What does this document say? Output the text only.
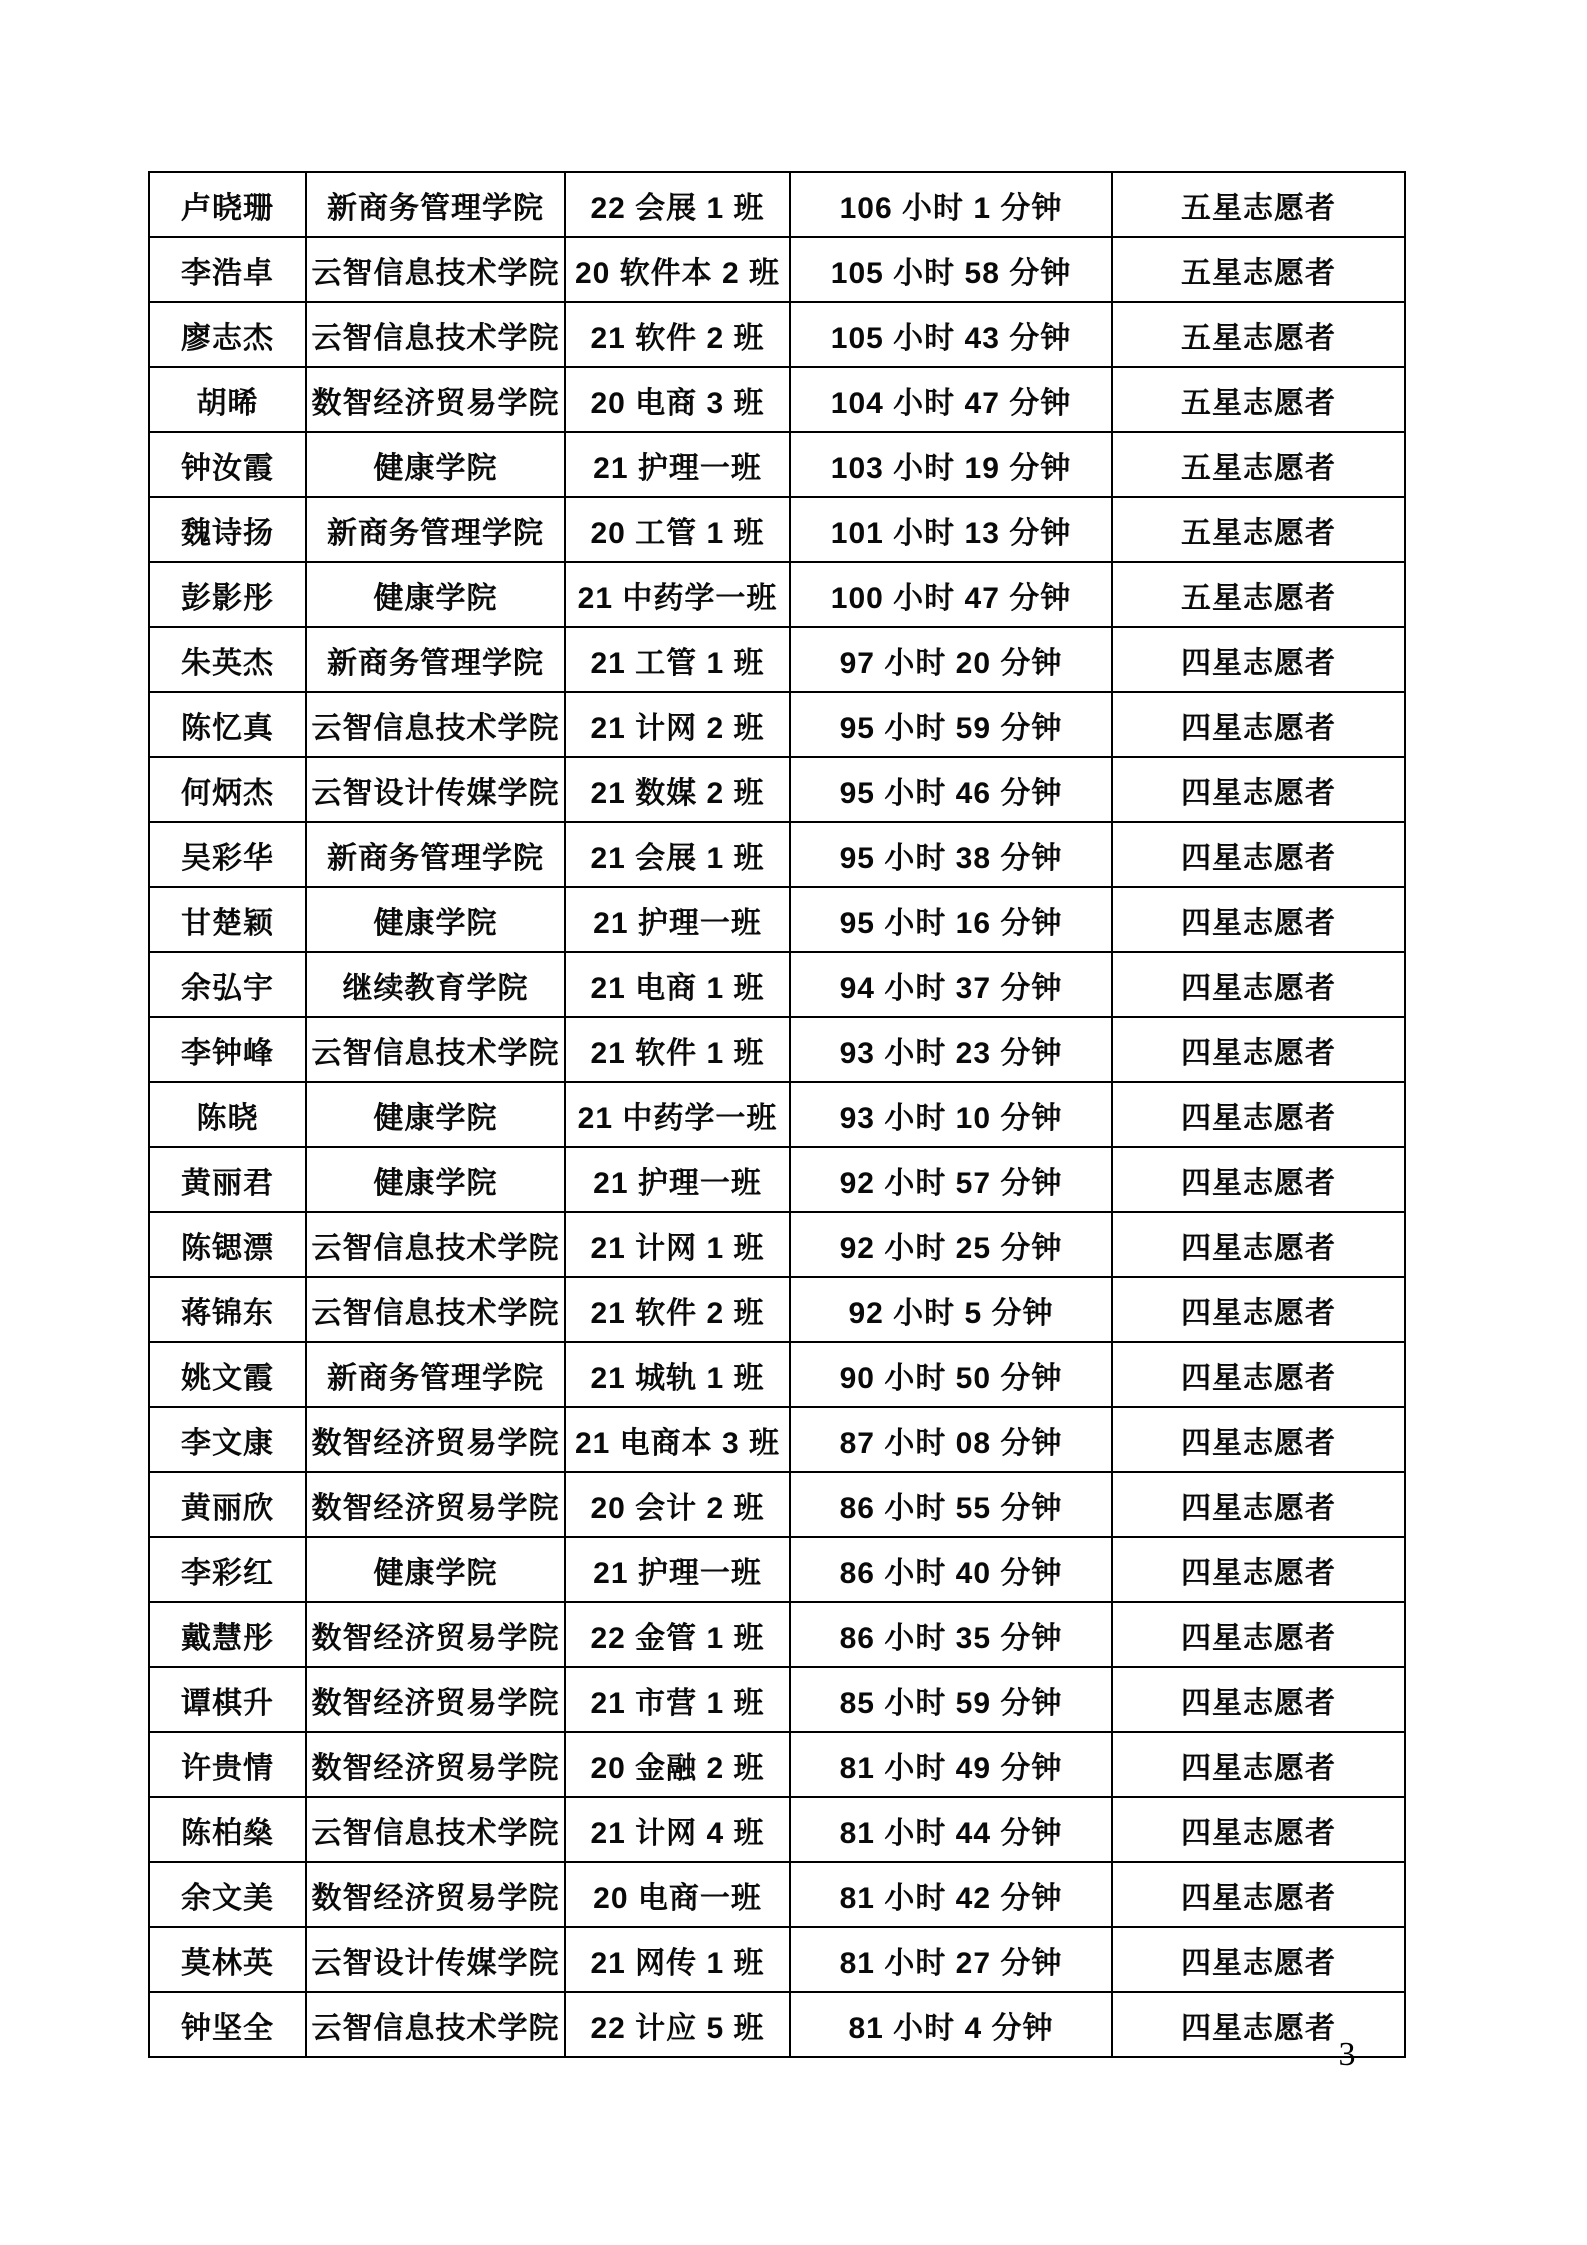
卢晓珊	新商务管理学院	22 会展 1 班	106 小时 1 分钟	五星志愿者
李浩卓	云智信息技术学院	20 软件本 2 班	105 小时 58 分钟	五星志愿者
廖志杰	云智信息技术学院	21 软件 2 班	105 小时 43 分钟	五星志愿者
胡晞	数智经济贸易学院	20 电商 3 班	104 小时 47 分钟	五星志愿者
钟汝霞	健康学院	21 护理一班	103 小时 19 分钟	五星志愿者
魏诗扬	新商务管理学院	20 工管 1 班	101 小时 13 分钟	五星志愿者
彭影彤	健康学院	21 中药学一班	100 小时 47 分钟	五星志愿者
朱英杰	新商务管理学院	21 工管 1 班	97 小时 20 分钟	四星志愿者
陈忆真	云智信息技术学院	21 计网 2 班	95 小时 59 分钟	四星志愿者
何炳杰	云智设计传媒学院	21 数媒 2 班	95 小时 46 分钟	四星志愿者
吴彩华	新商务管理学院	21 会展 1 班	95 小时 38 分钟	四星志愿者
甘楚颖	健康学院	21 护理一班	95 小时 16 分钟	四星志愿者
余弘宇	继续教育学院	21 电商 1 班	94 小时 37 分钟	四星志愿者
李钟峰	云智信息技术学院	21 软件 1 班	93 小时 23 分钟	四星志愿者
陈晓	健康学院	21 中药学一班	93 小时 10 分钟	四星志愿者
黄丽君	健康学院	21 护理一班	92 小时 57 分钟	四星志愿者
陈锶漂	云智信息技术学院	21 计网 1 班	92 小时 25 分钟	四星志愿者
蒋锦东	云智信息技术学院	21 软件 2 班	92 小时 5 分钟	四星志愿者
姚文霞	新商务管理学院	21 城轨 1 班	90 小时 50 分钟	四星志愿者
李文康	数智经济贸易学院	21 电商本 3 班	87 小时 08 分钟	四星志愿者
黄丽欣	数智经济贸易学院	20 会计 2 班	86 小时 55 分钟	四星志愿者
李彩红	健康学院	21 护理一班	86 小时 40 分钟	四星志愿者
戴慧彤	数智经济贸易学院	22 金管 1 班	86 小时 35 分钟	四星志愿者
谭棋升	数智经济贸易学院	21 市营 1 班	85 小时 59 分钟	四星志愿者
许贵情	数智经济贸易学院	20 金融 2 班	81 小时 49 分钟	四星志愿者
陈柏燊	云智信息技术学院	21 计网 4 班	81 小时 44 分钟	四星志愿者
余文美	数智经济贸易学院	20 电商一班	81 小时 42 分钟	四星志愿者
莫林英	云智设计传媒学院	21 网传 1 班	81 小时 27 分钟	四星志愿者
钟坚全	云智信息技术学院	22 计应 5 班	81 小时 4 分钟	四星志愿者
— 3 —
